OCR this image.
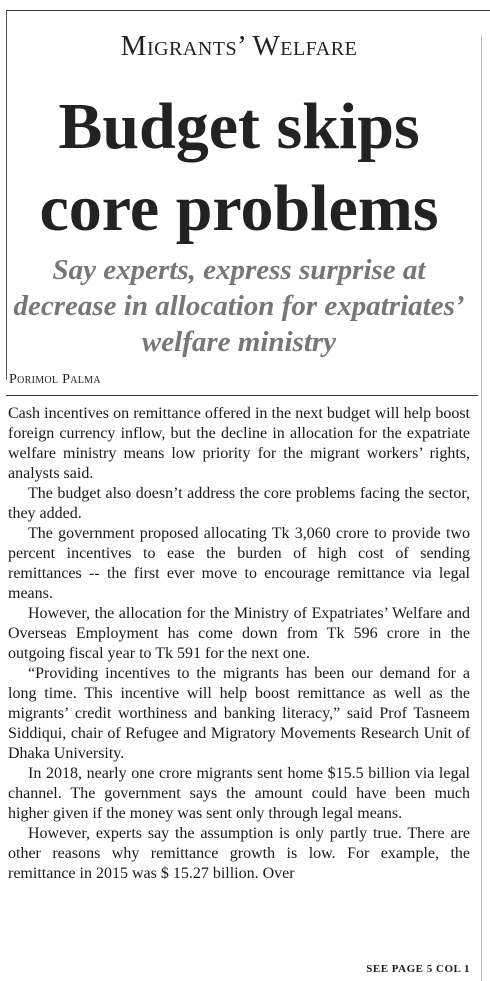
Migrants’ Welfare
Budget skips core problems
Say experts, express surprise at decrease in allocation for expatriates’ welfare ministry
Porimol Palma

Cash incentives on remittance offered in the next budget will help boost foreign currency inflow, but the decline in allocation for the expatriate welfare ministry means low priority for the migrant workers’ rights, analysts said.

The budget also doesn’t address the core problems facing the sector, they added.

The government proposed allocating Tk 3,060 crore to provide two percent incentives to ease the burden of high cost of sending remittances -- the first ever move to encourage remittance via legal means.

However, the allocation for the Ministry of Expatriates’ Welfare and Overseas Employment has come down from Tk 596 crore in the outgoing fiscal year to Tk 591 for the next one.

“Providing incentives to the migrants has been our demand for a long time. This incentive will help boost remittance as well as the migrants’ credit worthiness and banking literacy,” said Prof Tasneem Siddiqui, chair of Refugee and Migratory Movements Research Unit of Dhaka University.

In 2018, nearly one crore migrants sent home $15.5 billion via legal channel. The government says the amount could have been much higher given if the money was sent only through legal means.

However, experts say the assumption is only partly true. There are other reasons why remittance growth is low. For example, the remittance in 2015 was $ 15.27 billion. Over

SEE PAGE 5 COL 1
